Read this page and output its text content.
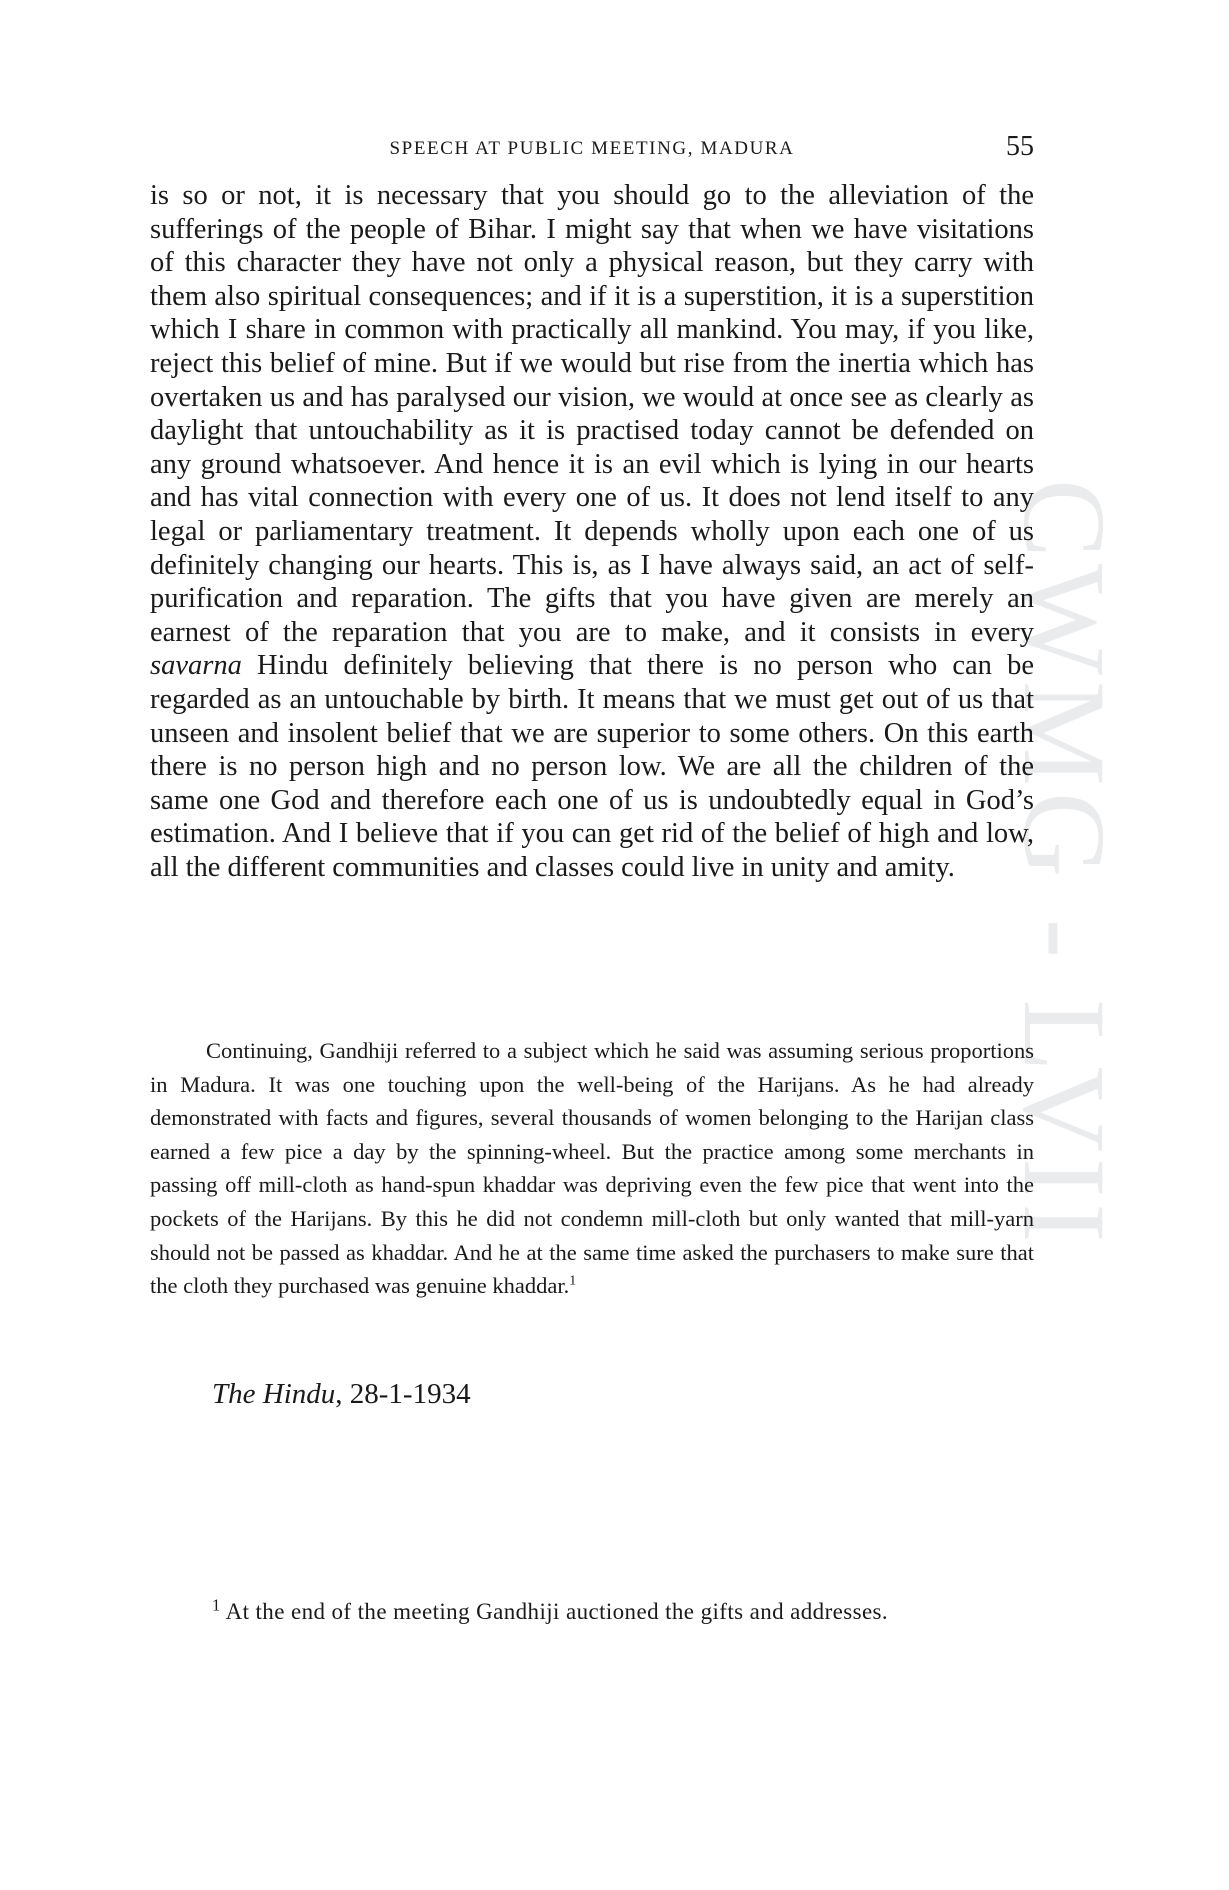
CWMG - LVII
SPEECH AT PUBLIC MEETING, MADURA	55

is so or not, it is necessary that you should go to the alleviation of the sufferings of the people of Bihar. I might say that when we have visitations of this character they have not only a physical reason, but they carry with them also spiritual consequences; and if it is a superstition, it is a superstition which I share in common with practically all mankind. You may, if you like, reject this belief of mine. But if we would but rise from the inertia which has overtaken us and has paralysed our vision, we would at once see as clearly as daylight that untouchability as it is practised today cannot be defended on any ground whatsoever. And hence it is an evil which is lying in our hearts and has vital connection with every one of us. It does not lend itself to any legal or parliamentary treatment. It depends wholly upon each one of us definitely changing our hearts. This is, as I have always said, an act of self-purification and reparation. The gifts that you have given are merely an earnest of the reparation that you are to make, and it consists in every savarna Hindu definitely believing that there is no person who can be regarded as an untouchable by birth. It means that we must get out of us that unseen and insolent belief that we are superior to some others. On this earth there is no person high and no person low. We are all the children of the same one God and therefore each one of us is undoubtedly equal in God’s estimation. And I believe that if you can get rid of the belief of high and low, all the different communities and classes could live in unity and amity.

Continuing, Gandhiji referred to a subject which he said was assuming serious proportions in Madura. It was one touching upon the well-being of the Harijans. As he had already demonstrated with facts and figures, several thousands of women belonging to the Harijan class earned a few pice a day by the spinning-wheel. But the practice among some merchants in passing off mill-cloth as hand-spun khaddar was depriving even the few pice that went into the pockets of the Harijans. By this he did not condemn mill-cloth but only wanted that mill-yarn should not be passed as khaddar. And he at the same time asked the purchasers to make sure that the cloth they purchased was genuine khaddar.$^1$

The Hindu, 28-1-1934
$^1$ At the end of the meeting Gandhiji auctioned the gifts and addresses.
